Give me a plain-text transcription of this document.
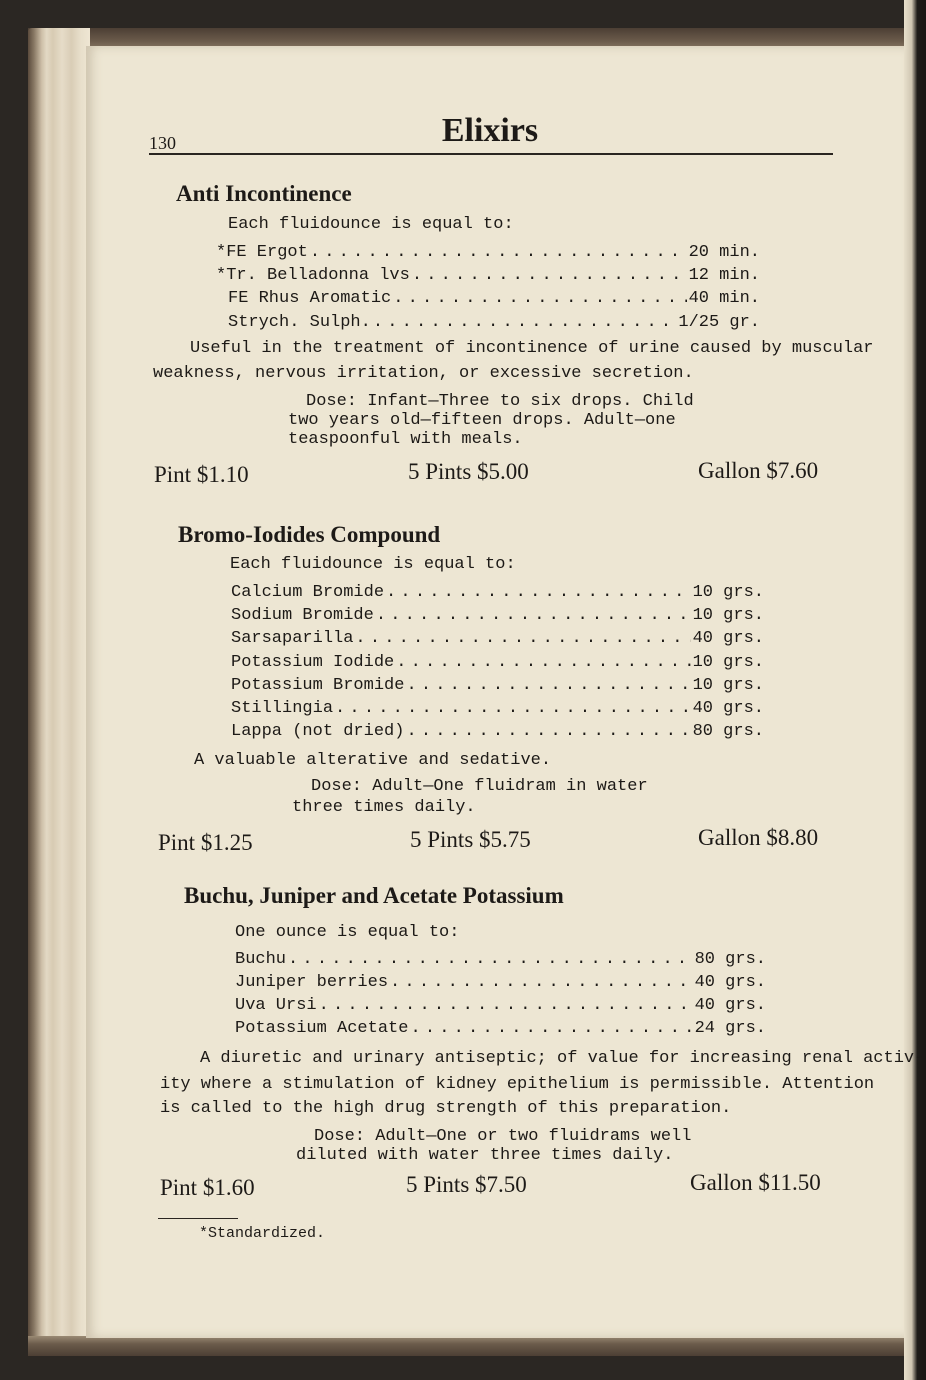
130	Elixirs
Anti Incontinence
Each fluidounce is equal to:
*FE Ergot . . .	20 min.
*Tr. Belladonna lvs . . .	12 min.
FE Rhus Aromatic . . .	40 min.
Strych. Sulph. . . .	1/25 gr.
Useful in the treatment of incontinence of urine caused by muscular
weakness, nervous irritation, or excessive secretion.
Dose: Infant—Three to six drops. Child
two years old—fifteen drops. Adult—one
teaspoonful with meals.
Pint $1.10	5 Pints $5.00	Gallon $7.60
Bromo-Iodides Compound
Each fluidounce is equal to:
Calcium Bromide . . .	10 grs.
Sodium Bromide . . .	10 grs.
Sarsaparilla . . .	40 grs.
Potassium Iodide . . .	10 grs.
Potassium Bromide . . .	10 grs.
Stillingia . . .	40 grs.
Lappa (not dried) . . .	80 grs.
A valuable alterative and sedative.
Dose: Adult—One fluidram in water
three times daily.
Pint $1.25	5 Pints $5.75	Gallon $8.80
Buchu, Juniper and Acetate Potassium
One ounce is equal to:
Buchu . . .	80 grs.
Juniper berries . . .	40 grs.
Uva Ursi . . .	40 grs.
Potassium Acetate . . .	24 grs.
A diuretic and urinary antiseptic; of value for increasing renal activ-
ity where a stimulation of kidney epithelium is permissible. Attention
is called to the high drug strength of this preparation.
Dose: Adult—One or two fluidrams well
diluted with water three times daily.
Pint $1.60	5 Pints $7.50	Gallon $11.50
*Standardized.
